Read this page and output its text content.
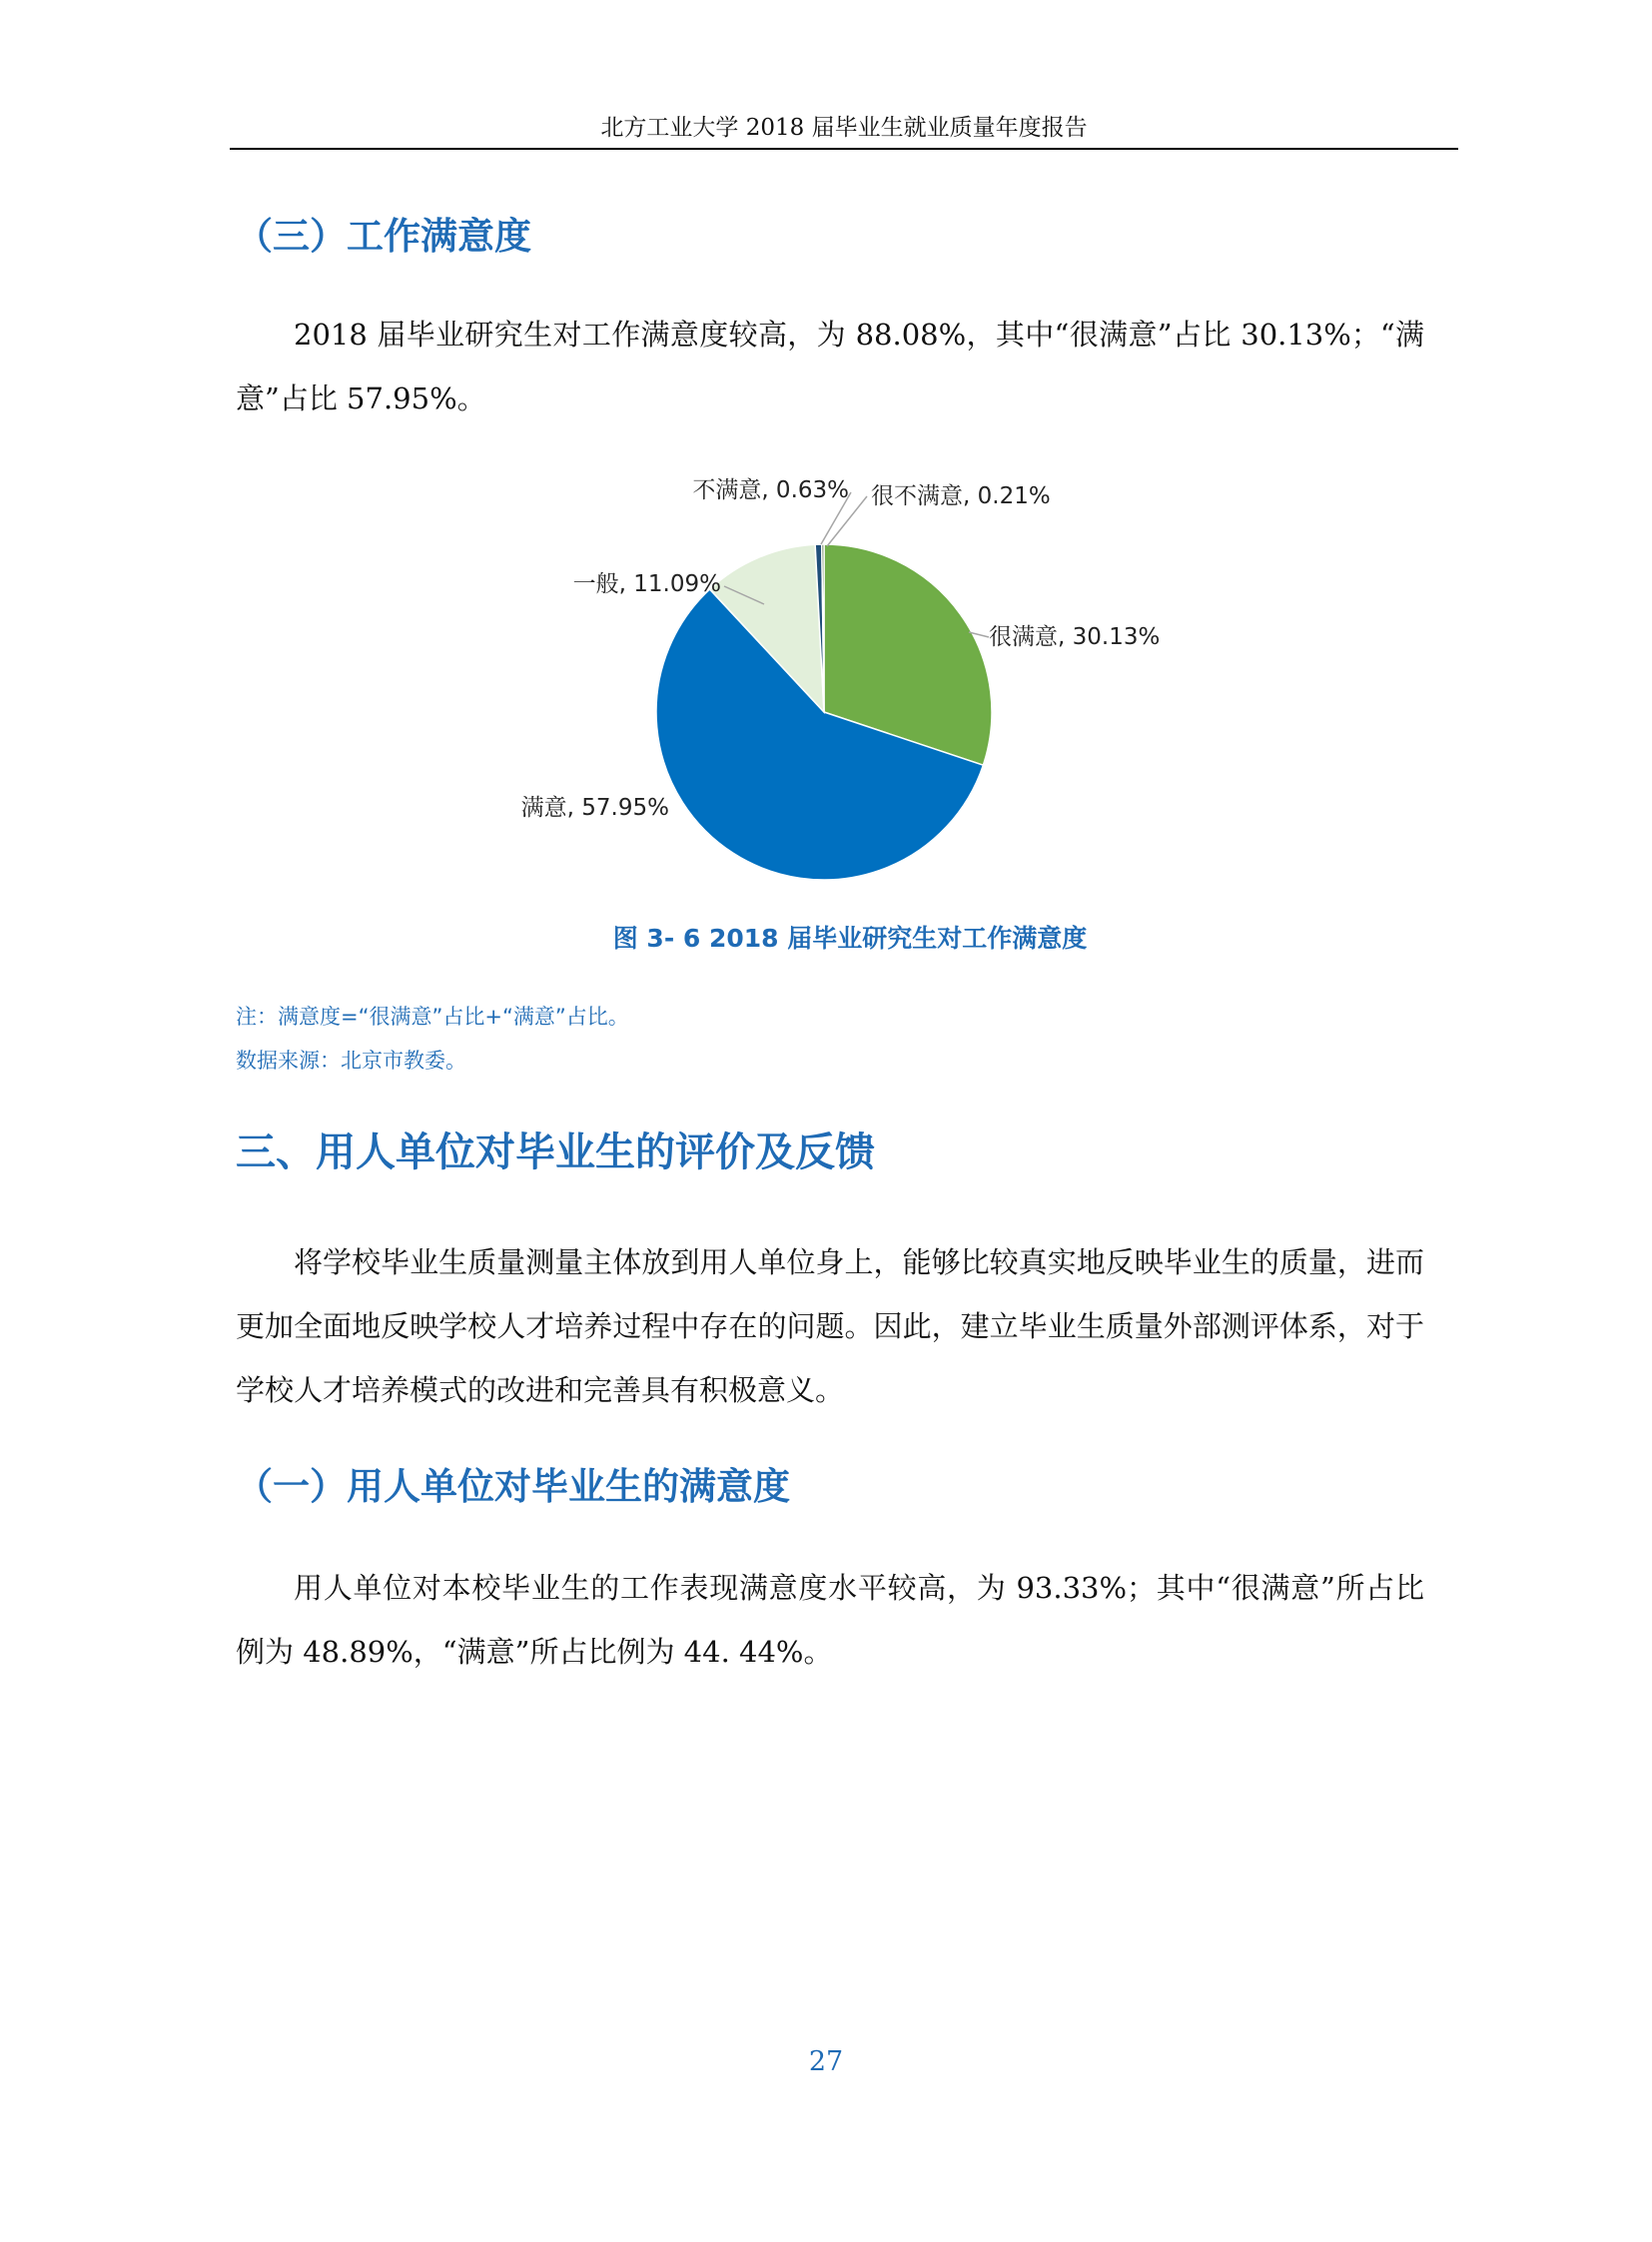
北方工业大学 2018 届毕业生就业质量年度报告
（三）工作满意度
2018 届毕业研究生对工作满意度较高，为 88.08%，其中“很满意”占比 30.13%；“满意”占比 57.95%。
很满意, 30.13%
满意, 57.95%
一般, 11.09%
不满意, 0.63% 很不满意, 0.21%
图 3- 6 2018 届毕业研究生对工作满意度
注：满意度=“很满意”占比+“满意”占比。
数据来源：北京市教委。
三、用人单位对毕业生的评价及反馈
将学校毕业生质量测量主体放到用人单位身上，能够比较真实地反映毕业生的质量，进而更加全面地反映学校人才培养过程中存在的问题。因此，建立毕业生质量外部测评体系，对于学校人才培养模式的改进和完善具有积极意义。
（一）用人单位对毕业生的满意度
用人单位对本校毕业生的工作表现满意度水平较高，为 93.33%；其中“很满意”所占比例为 48.89%，“满意”所占比例为 44. 44%。
27
